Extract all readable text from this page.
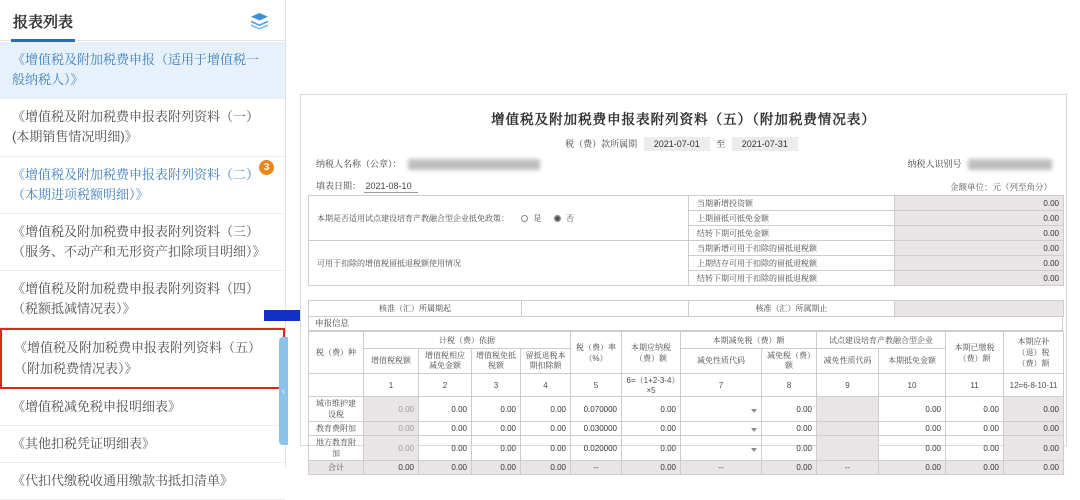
报表列表
《增值税及附加税费申报（适用于增值税一般纳税人）》
《增值税及附加税费申报表附列资料（一）(本期销售情况明细)》
《增值税及附加税费申报表附列资料（二）（本期进项税额明细）》
3
《增值税及附加税费申报表附列资料（三）（服务、不动产和无形资产扣除项目明细）》
《增值税及附加税费申报表附列资料（四）（税额抵减情况表）》
《增值税及附加税费申报表附列资料（五）（附加税费情况表）》
《增值税减免税申报明细表》
《其他扣税凭证明细表》
《代扣代缴税收通用缴款书抵扣清单》
‹
增值税及附加税费申报表附列资料（五）（附加税费情况表）
税（费）款所属期 2021-07-01 至 2021-07-31
纳税人名称（公章）：	纳税人识别号
填表日期： 2021-08-10	金额单位：元（列至角分）
本期是否适用试点建设培育产教融合型企业抵免政策： 是 否	当期新增投资额	0.00
	上期留抵可抵免金额	0.00
	结转下期可抵免金额	0.00
可用于扣除的增值税留抵退税额使用情况	当期新增可用于扣除的留抵退税额	0.00
	上期结存可用于扣除的留抵退税额	0.00
	结转下期可用于扣除的留抵退税额	0.00
核准（汇）所属期起		核准（汇）所属期止	
申报信息
税（费）种	计税（费）依据				税（费）率（%）	本期应纳税（费）额	本期减免税（费）额		试点建设培育产教融合型企业		本期已缴税（费）额	本期应补（退）税（费）额
	增值税税额	增值税相应减免金额	增值税免抵税额	留抵退税本期扣除额			减免性质代码	减免税（费）额	减免性质代码	本期抵免金额		
	1	2	3	4	5	6=（1+2-3-4）×5	7	8	9	10	11	12=6-8-10-11
城市维护建设税	0.00	0.00	0.00	0.00	0.070000	0.00		0.00		0.00	0.00	0.00
教育费附加	0.00	0.00	0.00	0.00	0.030000	0.00		0.00		0.00	0.00	0.00
地方教育附加	0.00	0.00	0.00	0.00	0.020000	0.00		0.00		0.00	0.00	0.00
合计	0.00	0.00	0.00	0.00	--	0.00	--	0.00	--	0.00	0.00	0.00
